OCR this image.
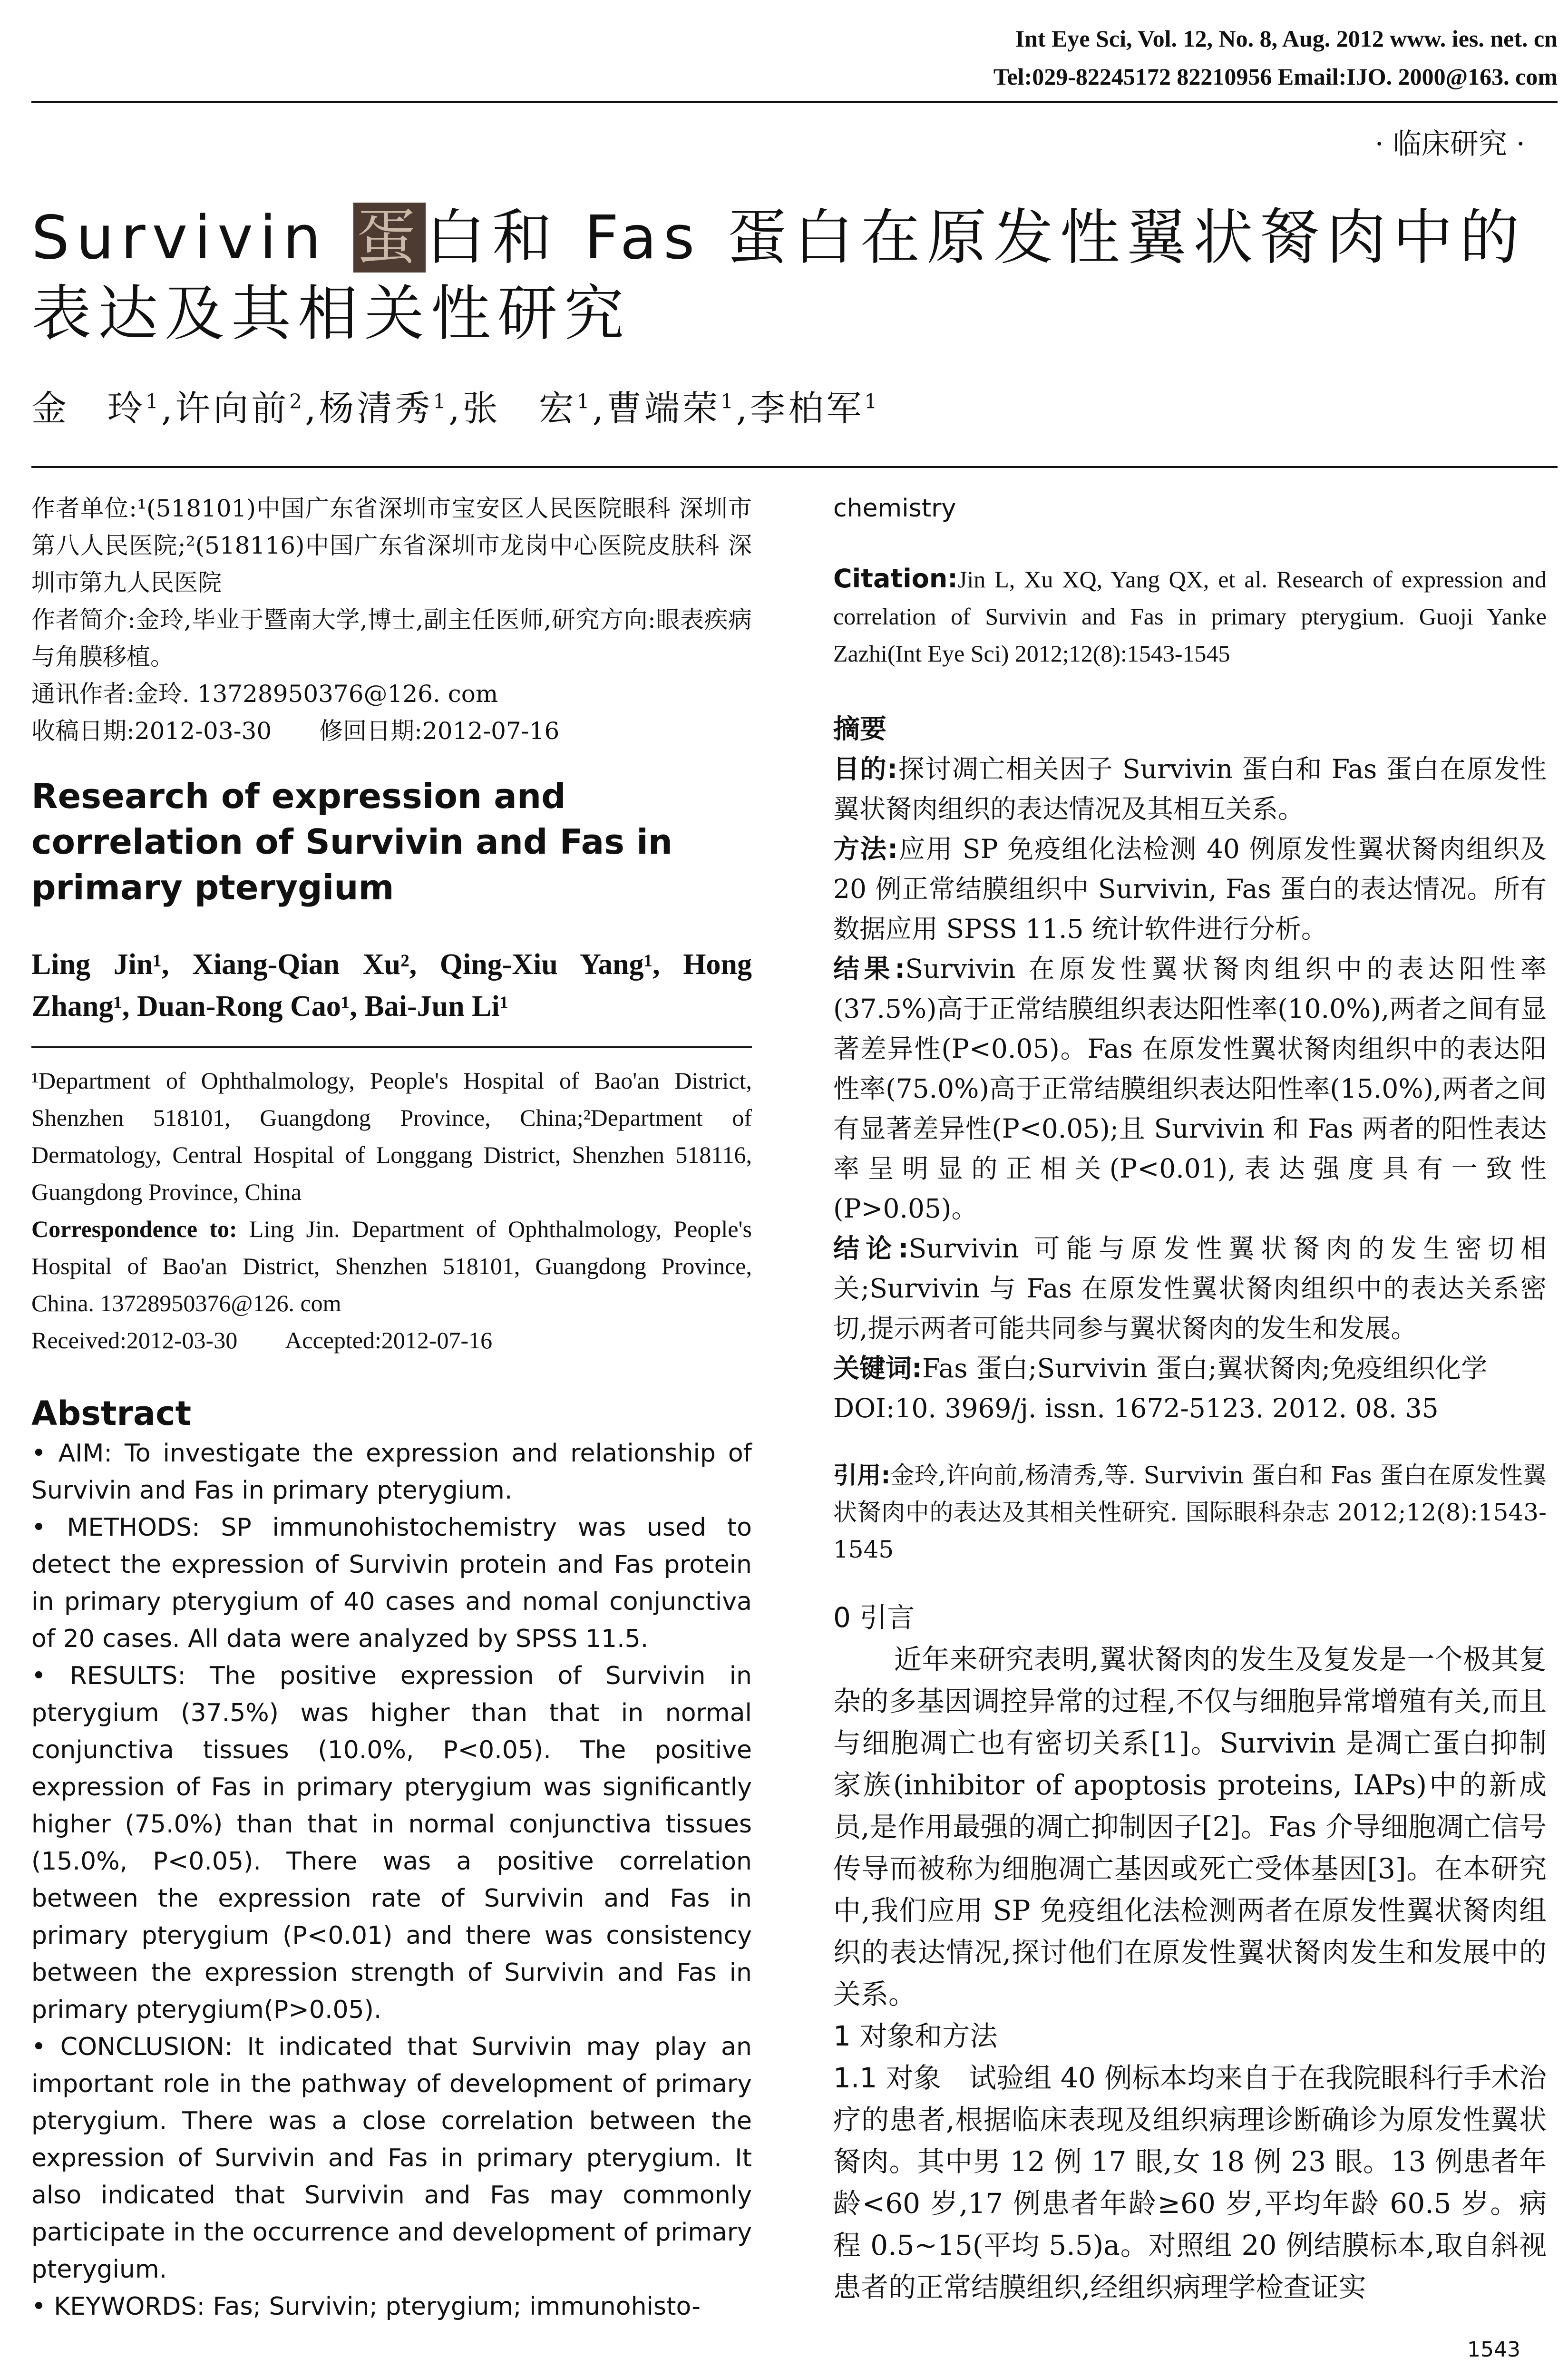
Int Eye Sci, Vol. 12, No. 8, Aug. 2012 www. ies. net. cn
Tel:029-82245172 82210956 Email:IJO. 2000@163. com
· 临床研究 ·
Survivin 蛋白和 Fas 蛋白在原发性翼状胬肉中的表达及其相关性研究
金　玲$^1$,许向前$^2$,杨清秀$^1$,张　宏$^1$,曹端荣$^1$,李柏军$^1$
作者单位:¹(518101)中国广东省深圳市宝安区人民医院眼科 深圳市第八人民医院;²(518116)中国广东省深圳市龙岗中心医院皮肤科 深圳市第九人民医院
作者简介:金玲,毕业于暨南大学,博士,副主任医师,研究方向:眼表疾病与角膜移植。
通讯作者:金玲. 13728950376@126. com
收稿日期:2012-03-30　　修回日期:2012-07-16
Research of expression and correlation of Survivin and Fas in primary pterygium
Ling Jin¹, Xiang-Qian Xu², Qing-Xiu Yang¹, Hong Zhang¹, Duan-Rong Cao¹, Bai-Jun Li¹
¹Department of Ophthalmology, People's Hospital of Bao'an District, Shenzhen 518101, Guangdong Province, China;²Department of Dermatology, Central Hospital of Longgang District, Shenzhen 518116, Guangdong Province, China
Correspondence to: Ling Jin. Department of Ophthalmology, People's Hospital of Bao'an District, Shenzhen 518101, Guangdong Province, China. 13728950376@126. com
Received:2012-03-30　　Accepted:2012-07-16
Abstract

• AIM: To investigate the expression and relationship of Survivin and Fas in primary pterygium.

• METHODS: SP immunohistochemistry was used to detect the expression of Survivin protein and Fas protein in primary pterygium of 40 cases and nomal conjunctiva of 20 cases. All data were analyzed by SPSS 11.5.

• RESULTS: The positive expression of Survivin in pterygium (37.5%) was higher than that in normal conjunctiva tissues (10.0%, P<0.05). The positive expression of Fas in primary pterygium was significantly higher (75.0%) than that in normal conjunctiva tissues (15.0%, P<0.05). There was a positive correlation between the expression rate of Survivin and Fas in primary pterygium (P<0.01) and there was consistency between the expression strength of Survivin and Fas in primary pterygium(P>0.05).

• CONCLUSION: It indicated that Survivin may play an important role in the pathway of development of primary pterygium. There was a close correlation between the expression of Survivin and Fas in primary pterygium. It also indicated that Survivin and Fas may commonly participate in the occurrence and development of primary pterygium.

• KEYWORDS: Fas; Survivin; pterygium; immunohisto-

chemistry
Citation:Jin L, Xu XQ, Yang QX, et al. Research of expression and correlation of Survivin and Fas in primary pterygium. Guoji Yanke Zazhi(Int Eye Sci) 2012;12(8):1543-1545
摘要

目的:探讨凋亡相关因子 Survivin 蛋白和 Fas 蛋白在原发性翼状胬肉组织的表达情况及其相互关系。

方法:应用 SP 免疫组化法检测 40 例原发性翼状胬肉组织及 20 例正常结膜组织中 Survivin, Fas 蛋白的表达情况。所有数据应用 SPSS 11.5 统计软件进行分析。

结果:Survivin 在原发性翼状胬肉组织中的表达阳性率(37.5%)高于正常结膜组织表达阳性率(10.0%),两者之间有显著差异性(P<0.05)。Fas 在原发性翼状胬肉组织中的表达阳性率(75.0%)高于正常结膜组织表达阳性率(15.0%),两者之间有显著差异性(P<0.05);且 Survivin 和 Fas 两者的阳性表达率呈明显的正相关(P<0.01),表达强度具有一致性(P>0.05)。

结论:Survivin 可能与原发性翼状胬肉的发生密切相关;Survivin 与 Fas 在原发性翼状胬肉组织中的表达关系密切,提示两者可能共同参与翼状胬肉的发生和发展。

关键词:Fas 蛋白;Survivin 蛋白;翼状胬肉;免疫组织化学

DOI:10. 3969/j. issn. 1672-5123. 2012. 08. 35

引用:金玲,许向前,杨清秀,等. Survivin 蛋白和 Fas 蛋白在原发性翼状胬肉中的表达及其相关性研究. 国际眼科杂志 2012;12(8):1543-1545
0 引言

近年来研究表明,翼状胬肉的发生及复发是一个极其复杂的多基因调控异常的过程,不仅与细胞异常增殖有关,而且与细胞凋亡也有密切关系[1]。Survivin 是凋亡蛋白抑制家族(inhibitor of apoptosis proteins, IAPs)中的新成员,是作用最强的凋亡抑制因子[2]。Fas 介导细胞凋亡信号传导而被称为细胞凋亡基因或死亡受体基因[3]。在本研究中,我们应用 SP 免疫组化法检测两者在原发性翼状胬肉组织的表达情况,探讨他们在原发性翼状胬肉发生和发展中的关系。

1 对象和方法

1.1 对象　试验组 40 例标本均来自于在我院眼科行手术治疗的患者,根据临床表现及组织病理诊断确诊为原发性翼状胬肉。其中男 12 例 17 眼,女 18 例 23 眼。13 例患者年龄<60 岁,17 例患者年龄≥60 岁,平均年龄 60.5 岁。病程 0.5~15(平均 5.5)a。对照组 20 例结膜标本,取自斜视患者的正常结膜组织,经组织病理学检查证实

1543
